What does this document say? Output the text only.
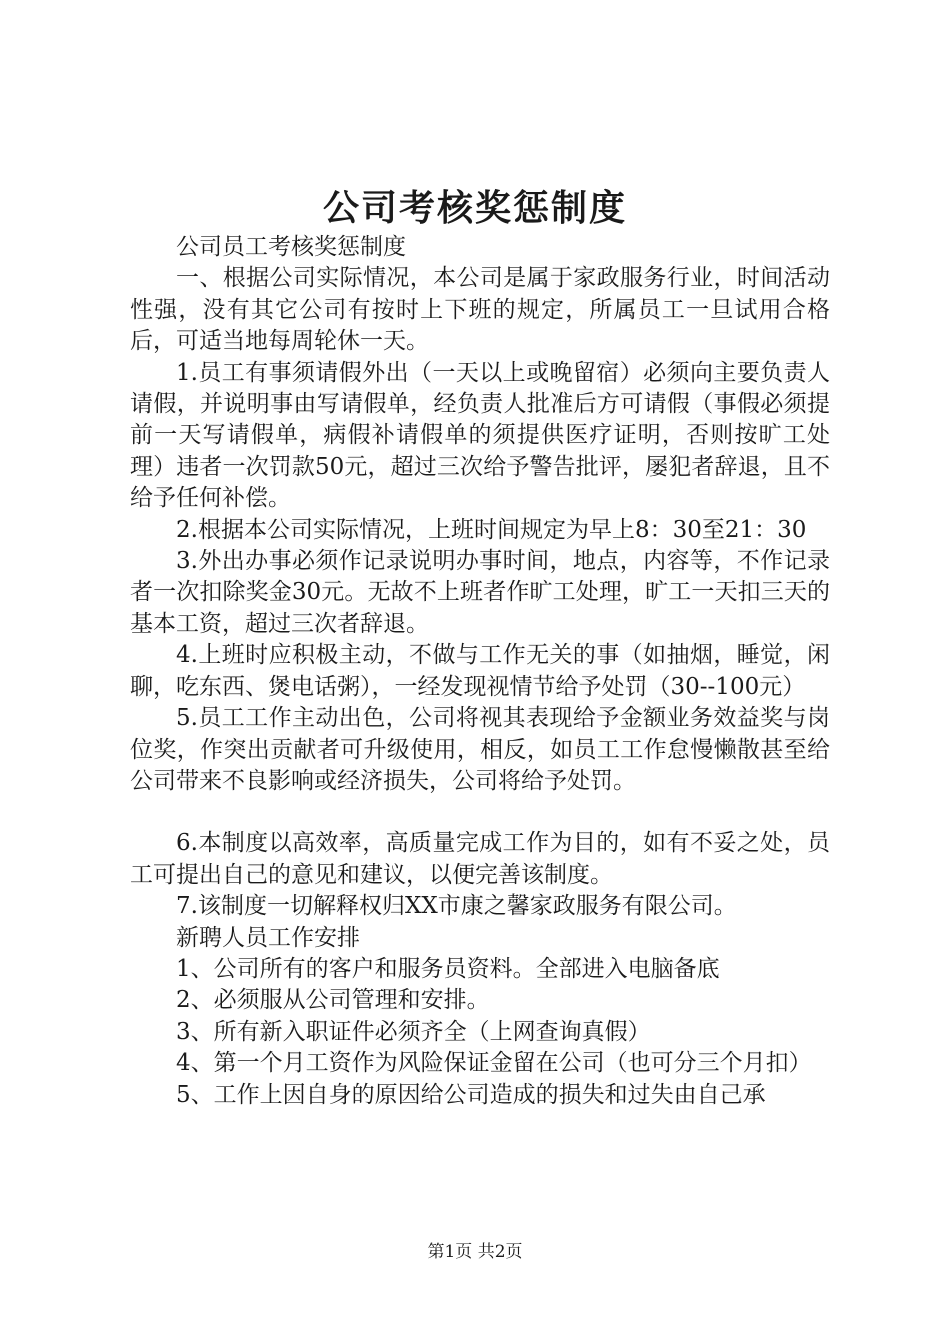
公司考核奖惩制度

公司员工考核奖惩制度

一、根据公司实际情况，本公司是属于家政服务行业，时间活动性强，没有其它公司有按时上下班的规定，所属员工一旦试用合格后，可适当地每周轮休一天。

1.员工有事须请假外出（一天以上或晚留宿）必须向主要负责人请假，并说明事由写请假单，经负责人批准后方可请假（事假必须提前一天写请假单，病假补请假单的须提供医疗证明，否则按旷工处理）违者一次罚款50元，超过三次给予警告批评，屡犯者辞退，且不给予任何补偿。

2.根据本公司实际情况，上班时间规定为早上8：30至21：30

3.外出办事必须作记录说明办事时间，地点，内容等，不作记录者一次扣除奖金30元。无故不上班者作旷工处理，旷工一天扣三天的基本工资，超过三次者辞退。

4.上班时应积极主动，不做与工作无关的事（如抽烟，睡觉，闲聊，吃东西、煲电话粥），一经发现视情节给予处罚（30--100元）

5.员工工作主动出色，公司将视其表现给予金额业务效益奖与岗位奖，作突出贡献者可升级使用，相反，如员工工作怠慢懒散甚至给公司带来不良影响或经济损失，公司将给予处罚。

6.本制度以高效率，高质量完成工作为目的，如有不妥之处，员工可提出自己的意见和建议，以便完善该制度。

7.该制度一切解释权归XX市康之馨家政服务有限公司。

新聘人员工作安排

1、公司所有的客户和服务员资料。全部进入电脑备底

2、必须服从公司管理和安排。

3、所有新入职证件必须齐全（上网查询真假）

4、第一个月工资作为风险保证金留在公司（也可分三个月扣）

5、工作上因自身的原因给公司造成的损失和过失由自己承

第1页 共2页
